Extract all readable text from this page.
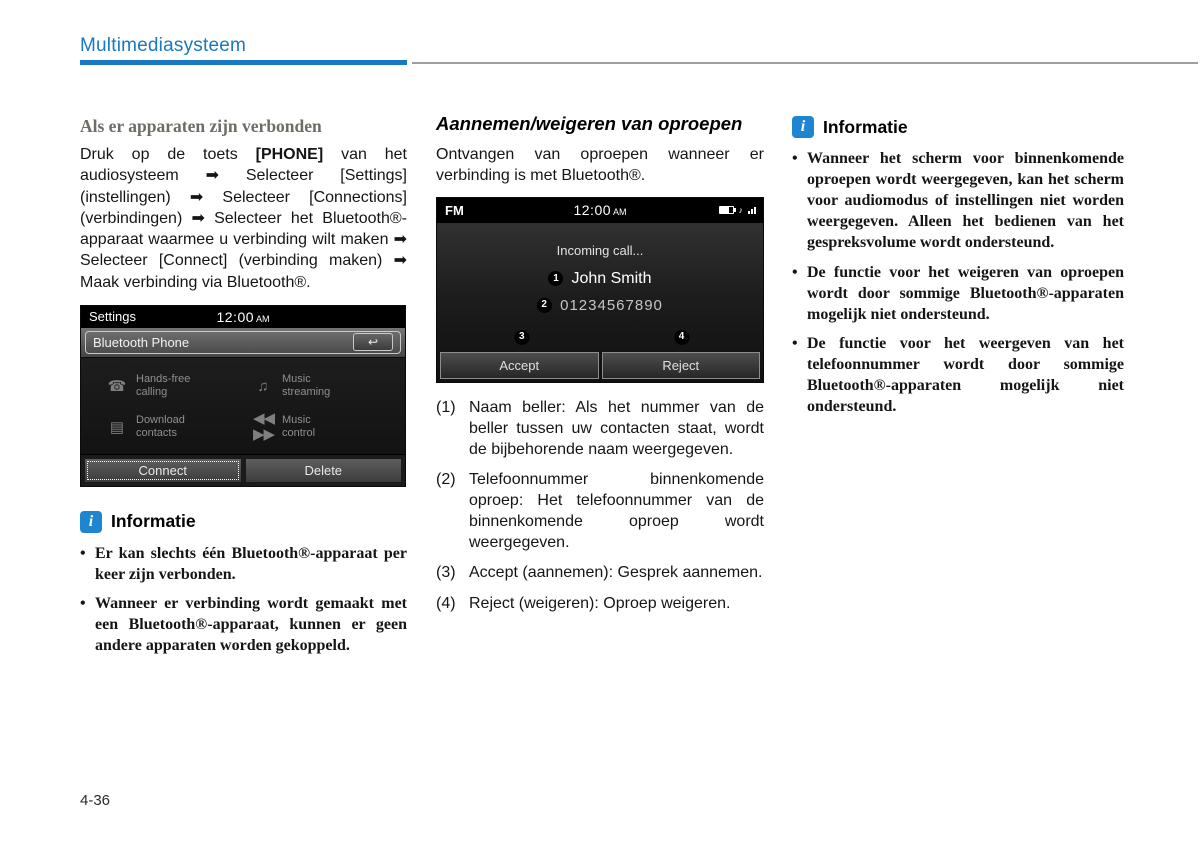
Multimediasysteem
Als er apparaten zijn verbonden

Druk op de toets [PHONE] van het audiosysteem ➡ Selecteer [Settings] (instellingen) ➡ Selecteer [Connections] (verbindingen) ➡ Selecteer het Bluetooth®-apparaat waarmee u verbinding wilt maken ➡ Selecteer [Connect] (verbinding maken) ➡ Maak verbinding via Bluetooth®.

Settings	12:00 AM
Bluetooth Phone	↩
☎ Hands-free
calling	♫	Music
streaming
▤ Download
contacts
◀◀
▶▶
Music
control
Connect	Delete
i	Informatie
• Er kan slechts één Bluetooth®-apparaat per keer zijn verbonden.
• Wanneer er verbinding wordt gemaakt met een Bluetooth®-apparaat, kunnen er geen andere apparaten worden gekoppeld.
Aannemen/weigeren van oproepen

Ontvangen van oproepen wanneer er verbinding is met Bluetooth®.

FM	12:00 AM	♪
Incoming call...
1 John Smith
2 01234567890
3	4
Accept	Reject
(1) Naam beller: Als het nummer van de beller tussen uw contacten staat, wordt de bijbehorende naam weergegeven.
(2) Telefoonnummer binnenkomende oproep: Het telefoonnummer van de binnenkomende oproep wordt weergegeven.
(3) Accept (aannemen): Gesprek aannemen.
(4) Reject (weigeren): Oproep weigeren.
i	Informatie
• Wanneer het scherm voor binnenkomende oproepen wordt weergegeven, kan het scherm voor audiomodus of instellingen niet worden weergegeven. Alleen het bedienen van het gespreksvolume wordt ondersteund.
• De functie voor het weigeren van oproepen wordt door sommige Bluetooth®-apparaten mogelijk niet ondersteund.
• De functie voor het weergeven van het telefoonnummer wordt door sommige Bluetooth®-apparaten mogelijk niet ondersteund.
4-36
